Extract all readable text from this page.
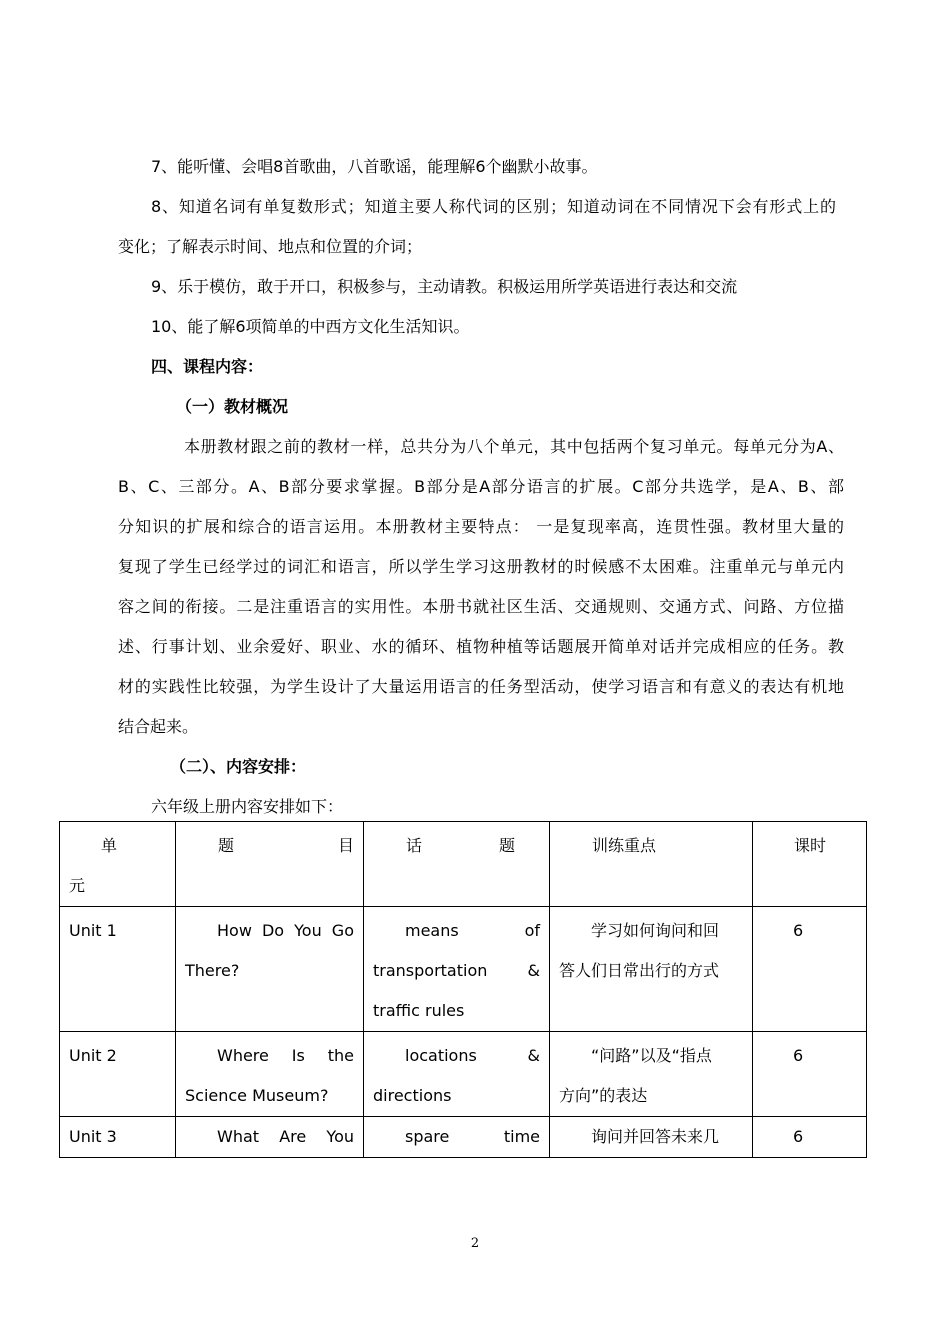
7、能听懂、会唱8首歌曲，八首歌谣，能理解6个幽默小故事。
8、知道名词有单复数形式；知道主要人称代词的区别；知道动词在不同情况下会有形式上的
变化；了解表示时间、地点和位置的介词；
9、乐于模仿，敢于开口，积极参与，主动请教。积极运用所学英语进行表达和交流
10、能了解6项简单的中西方文化生活知识。
四、课程内容：
（一）教材概况
本册教材跟之前的教材一样，总共分为八个单元，其中包括两个复习单元。每单元分为A、
B、C、三部分。A、B部分要求掌握。B部分是A部分语言的扩展。C部分共选学，是A、B、部
分知识的扩展和综合的语言运用。本册教材主要特点： 一是复现率高，连贯性强。教材里大量的
复现了学生已经学过的词汇和语言，所以学生学习这册教材的时候感不太困难。注重单元与单元内
容之间的衔接。二是注重语言的实用性。本册书就社区生活、交通规则、交通方式、问路、方位描
述、行事计划、业余爱好、职业、水的循环、植物种植等话题展开简单对话并完成相应的任务。教
材的实践性比较强，为学生设计了大量运用语言的任务型活动，使学习语言和有意义的表达有机地
结合起来。
（二）、内容安排：
六年级上册内容安排如下：
单
元	题　　目	话　　题	训练重点	课时

Unit 1	How Do You Go
There?	means of
transportation &
traffic rules	学习如何询问和回
答人们日常出行的方式	6

Unit 2	Where Is the
Science Museum?	locations &
directions	“问路”以及“指点
方向”的表达	6

Unit 3	What Are You	spare time	询问并回答未来几	6
2
